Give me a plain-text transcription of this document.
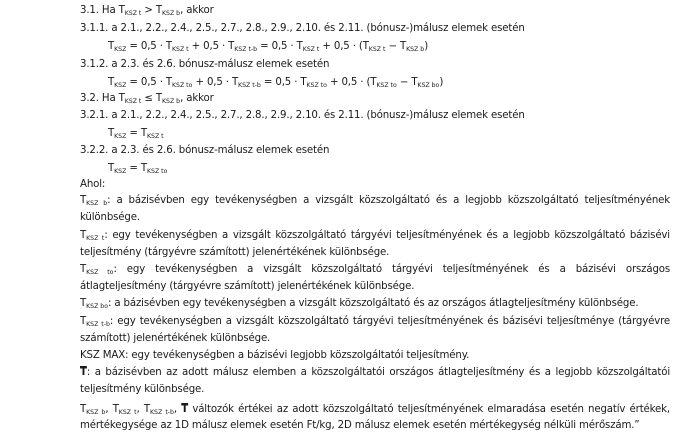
3.1. Ha TKSZ t > TKSZ b, akkor
3.1.1. a 2.1., 2.2., 2.4., 2.5., 2.7., 2.8., 2.9., 2.10. és 2.11. (bónusz-)málusz elemek esetén
TKSZ = 0,5 · TKSZ t + 0,5 · TKSZ t-b = 0,5 · TKSZ t + 0,5 · (TKSZ t − TKSZ b)
3.1.2. a 2.3. és 2.6. bónusz-málusz elemek esetén
TKSZ = 0,5 · TKSZ to + 0,5 · TKSZ t-b = 0,5 · TKSZ to + 0,5 · (TKSZ to − TKSZ bo)
3.2. Ha TKSZ t ≤ TKSZ b, akkor
3.2.1. a 2.1., 2.2., 2.4., 2.5., 2.7., 2.8., 2.9., 2.10. és 2.11. (bónusz-)málusz elemek esetén
TKSZ = TKSZ t
3.2.2. a 2.3. és 2.6. bónusz-málusz elemek esetén
TKSZ = TKSZ to
Ahol:
TKSZ b: a bázisévben egy tevékenységben a vizsgált közszolgáltató és a legjobb közszolgáltató teljesítményének
különbsége.
TKSZ t: egy tevékenységben a vizsgált közszolgáltató tárgyévi teljesítményének és a legjobb közszolgáltató bázisévi
teljesítmény (tárgyévre számított) jelenértékének különbsége.
TKSZ to: egy tevékenységben a vizsgált közszolgáltató tárgyévi teljesítményének és a bázisévi országos
átlagteljesítmény (tárgyévre számított) jelenértékének különbsége.
TKSZ bo: a bázisévben egy tevékenységben a vizsgált közszolgáltató és az országos átlagteljesítmény különbsége.
TKSZ t-b: egy tevékenységben a vizsgált közszolgáltató tárgyévi teljesítményének és bázisévi teljesítménye (tárgyévre
számított) jelenértékének különbsége.
KSZ MAX: egy tevékenységben a bázisévi legjobb közszolgáltatói teljesítmény.
$\overline{T}$: a bázisévben az adott málusz elemben a közszolgáltatói országos átlagteljesítmény és a legjobb közszolgáltatói
teljesítmény különbsége.
TKSZ b, TKSZ t, TKSZ t-b, $\overline{T}$ változók értékei az adott közszolgáltató teljesítményének elmaradása esetén negatív értékek,
mértékegysége az 1D málusz elemek esetén Ft/kg, 2D málusz elemek esetén mértékegység nélküli mérőszám.”
